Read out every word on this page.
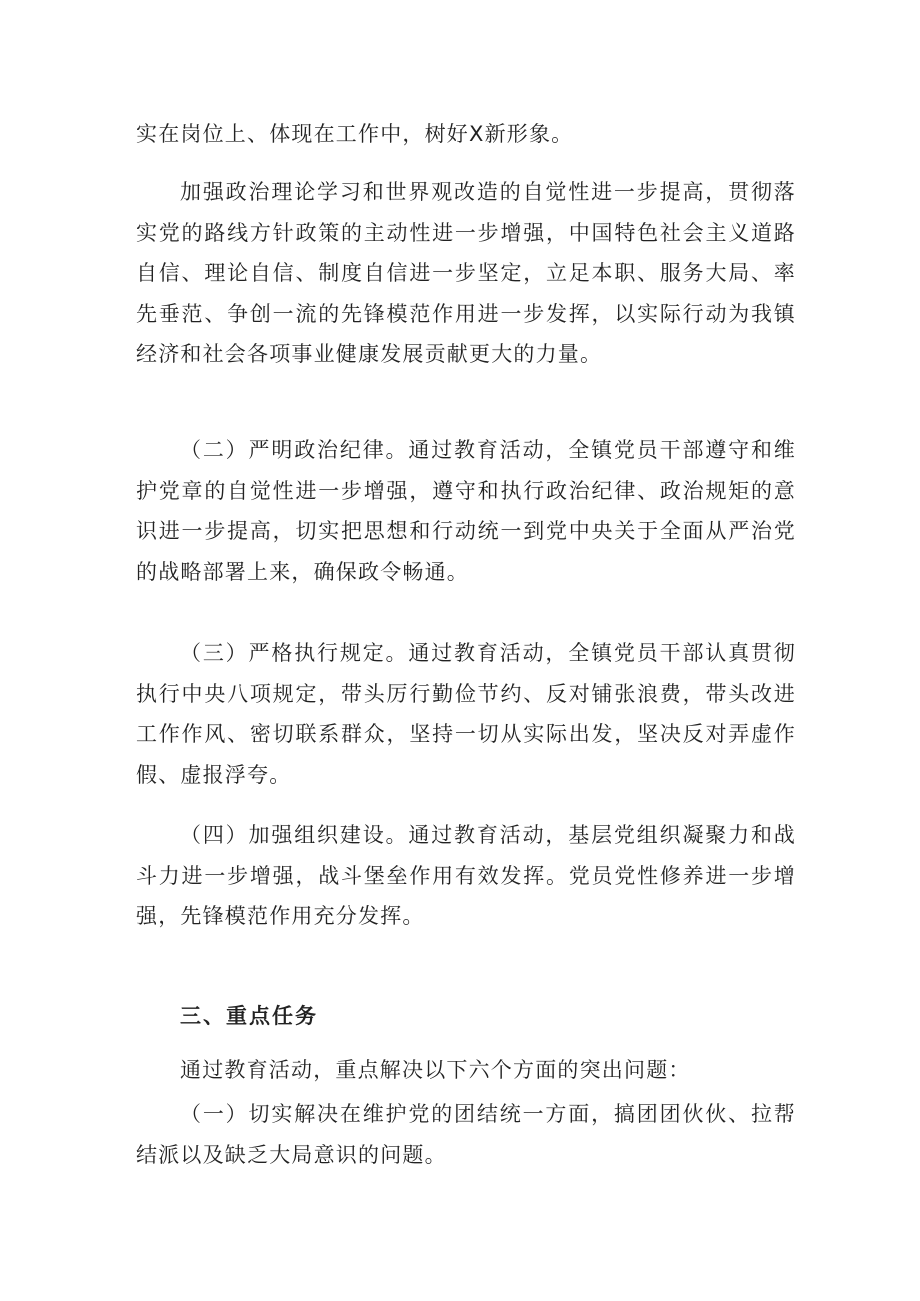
实在岗位上、体现在工作中，树好X新形象。

加强政治理论学习和世界观改造的自觉性进一步提高，贯彻落实党的路线方针政策的主动性进一步增强，中国特色社会主义道路自信、理论自信、制度自信进一步坚定，立足本职、服务大局、率先垂范、争创一流的先锋模范作用进一步发挥，以实际行动为我镇经济和社会各项事业健康发展贡献更大的力量。

（二）严明政治纪律。通过教育活动，全镇党员干部遵守和维护党章的自觉性进一步增强，遵守和执行政治纪律、政治规矩的意识进一步提高，切实把思想和行动统一到党中央关于全面从严治党的战略部署上来，确保政令畅通。

（三）严格执行规定。通过教育活动，全镇党员干部认真贯彻执行中央八项规定，带头厉行勤俭节约、反对铺张浪费，带头改进工作作风、密切联系群众，坚持一切从实际出发，坚决反对弄虚作假、虚报浮夸。

（四）加强组织建设。通过教育活动，基层党组织凝聚力和战斗力进一步增强，战斗堡垒作用有效发挥。党员党性修养进一步增强，先锋模范作用充分发挥。

三、重点任务

通过教育活动，重点解决以下六个方面的突出问题：

（一）切实解决在维护党的团结统一方面，搞团团伙伙、拉帮结派以及缺乏大局意识的问题。
